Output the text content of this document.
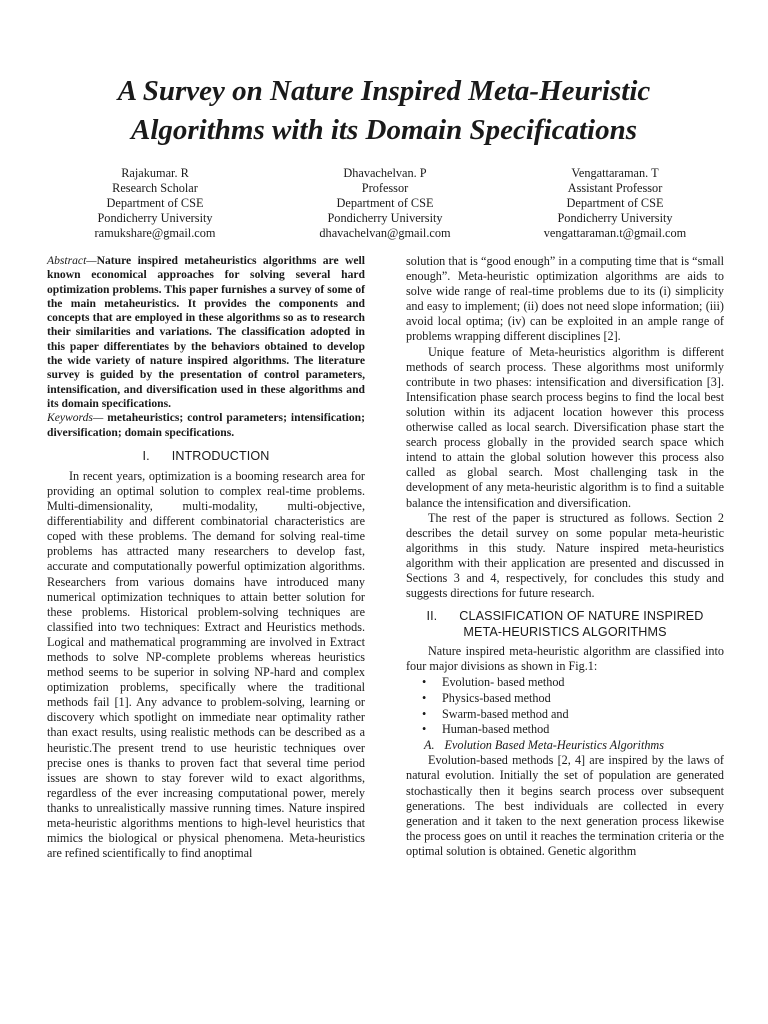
A Survey on Nature Inspired Meta-Heuristic
Algorithms with its Domain Specifications
Rajakumar. R
Research Scholar
Department of CSE
Pondicherry University
ramukshare@gmail.com
Dhavachelvan. P
Professor
Department of CSE
Pondicherry University
dhavachelvan@gmail.com
Vengattaraman. T
Assistant Professor
Department of CSE
Pondicherry University
vengattaraman.t@gmail.com

Abstract—Nature inspired metaheuristics algorithms are well known economical approaches for solving several hard optimization problems. This paper furnishes a survey of some of the main metaheuristics. It provides the components and concepts that are employed in these algorithms so as to research their similarities and variations. The classification adopted in this paper differentiates by the behaviors obtained to develop the wide variety of nature inspired algorithms. The literature survey is guided by the presentation of control parameters, intensification, and diversification used in these algorithms and its domain specifications.

Keywords— metaheuristics; control parameters; intensification; diversification; domain specifications.

I. INTRODUCTION

In recent years, optimization is a booming research area for providing an optimal solution to complex real-time problems. Multi-dimensionality, multi-modality, multi-objective, differentiability and different combinatorial characteristics are coped with these problems. The demand for solving real-time problems has attracted many researchers to develop fast, accurate and computationally powerful optimization algorithms. Researchers from various domains have introduced many numerical optimization techniques to attain better solution for these problems. Historical problem-solving techniques are classified into two techniques: Extract and Heuristics methods. Logical and mathematical programming are involved in Extract methods to solve NP-complete problems whereas heuristics method seems to be superior in solving NP-hard and complex optimization problems, specifically where the traditional methods fail [1]. Any advance to problem-solving, learning or discovery which spotlight on immediate near optimality rather than exact results, using realistic methods can be described as a heuristic.The present trend to use heuristic techniques over precise ones is thanks to proven fact that several time period issues are shown to stay forever wild to exact algorithms, regardless of the ever increasing computational power, merely thanks to unrealistically massive running times. Nature inspired meta-heuristic algorithms mentions to high-level heuristics that mimics the biological or physical phenomena. Meta-heuristics are refined scientifically to find anoptimal

solution that is “good enough” in a computing time that is “small enough”. Meta-heuristic optimization algorithms are aids to solve wide range of real-time problems due to its (i) simplicity and easy to implement; (ii) does not need slope information; (iii) avoid local optima; (iv) can be exploited in an ample range of problems wrapping different disciplines [2].

Unique feature of Meta-heuristics algorithm is different methods of search process. These algorithms most uniformly contribute in two phases: intensification and diversification [3]. Intensification phase search process begins to find the local best solution within its adjacent location however this process otherwise called as local search. Diversification phase start the search process globally in the provided search space which intend to attain the global solution however this process also called as global search. Most challenging task in the development of any meta-heuristic algorithm is to find a suitable balance the intensification and diversification.

The rest of the paper is structured as follows. Section 2 describes the detail survey on some popular meta-heuristic algorithms in this study. Nature inspired meta-heuristics algorithm with their application are presented and discussed in Sections 3 and 4, respectively, for concludes this study and suggests directions for future research.

II. CLASSIFICATION OF NATURE INSPIRED META-HEURISTICS ALGORITHMS

Nature inspired meta-heuristic algorithm are classified into four major divisions as shown in Fig.1:

• Evolution- based method
• Physics-based method
• Swarm-based method and
• Human-based method
A. Evolution Based Meta-Heuristics Algorithms

Evolution-based methods [2, 4] are inspired by the laws of natural evolution. Initially the set of population are generated stochastically then it begins search process over subsequent generations. The best individuals are collected in every generation and it taken to the next generation process likewise the process goes on until it reaches the termination criteria or the optimal solution is obtained. Genetic algorithm
